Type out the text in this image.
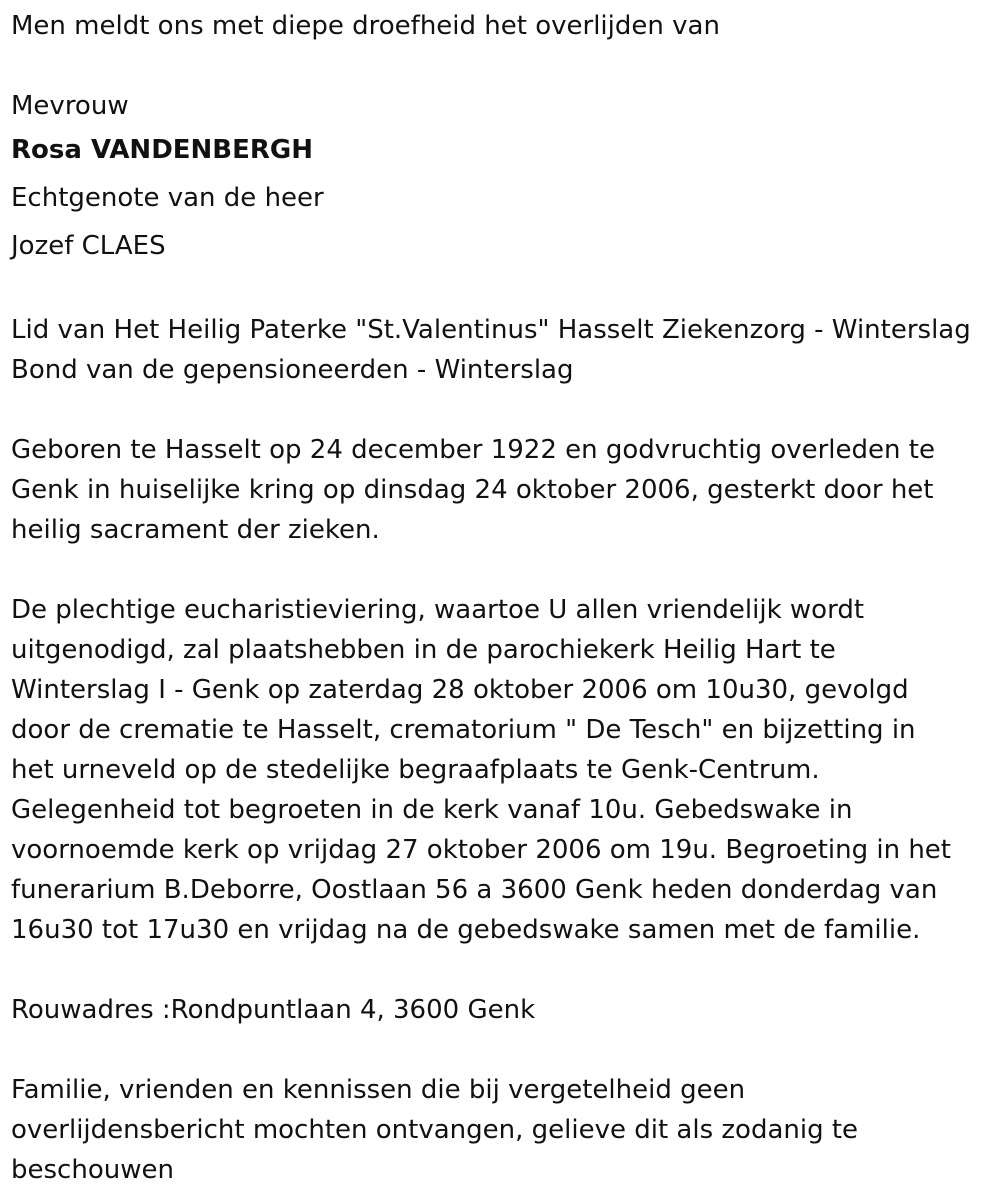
Men meldt ons met diepe droefheid het overlijden van

Mevrouw

Rosa VANDENBERGH

Echtgenote van de heer

Jozef CLAES

Lid van Het Heilig Paterke "St.Valentinus" Hasselt Ziekenzorg - Winterslag

Bond van de gepensioneerden - Winterslag

Geboren te Hasselt op 24 december 1922 en godvruchtig overleden te

Genk in huiselijke kring op dinsdag 24 oktober 2006, gesterkt door het

heilig sacrament der zieken.

De plechtige eucharistieviering, waartoe U allen vriendelijk wordt

uitgenodigd, zal plaatshebben in de parochiekerk Heilig Hart te

Winterslag I - Genk op zaterdag 28 oktober 2006 om 10u30, gevolgd

door de crematie te Hasselt, crematorium " De Tesch" en bijzetting in

het urneveld op de stedelijke begraafplaats te Genk-Centrum.

Gelegenheid tot begroeten in de kerk vanaf 10u. Gebedswake in

voornoemde kerk op vrijdag 27 oktober 2006 om 19u. Begroeting in het

funerarium B.Deborre, Oostlaan 56 a 3600 Genk heden donderdag van

16u30 tot 17u30 en vrijdag na de gebedswake samen met de familie.

Rouwadres :Rondpuntlaan 4, 3600 Genk

Familie, vrienden en kennissen die bij vergetelheid geen

overlijdensbericht mochten ontvangen, gelieve dit als zodanig te

beschouwen
